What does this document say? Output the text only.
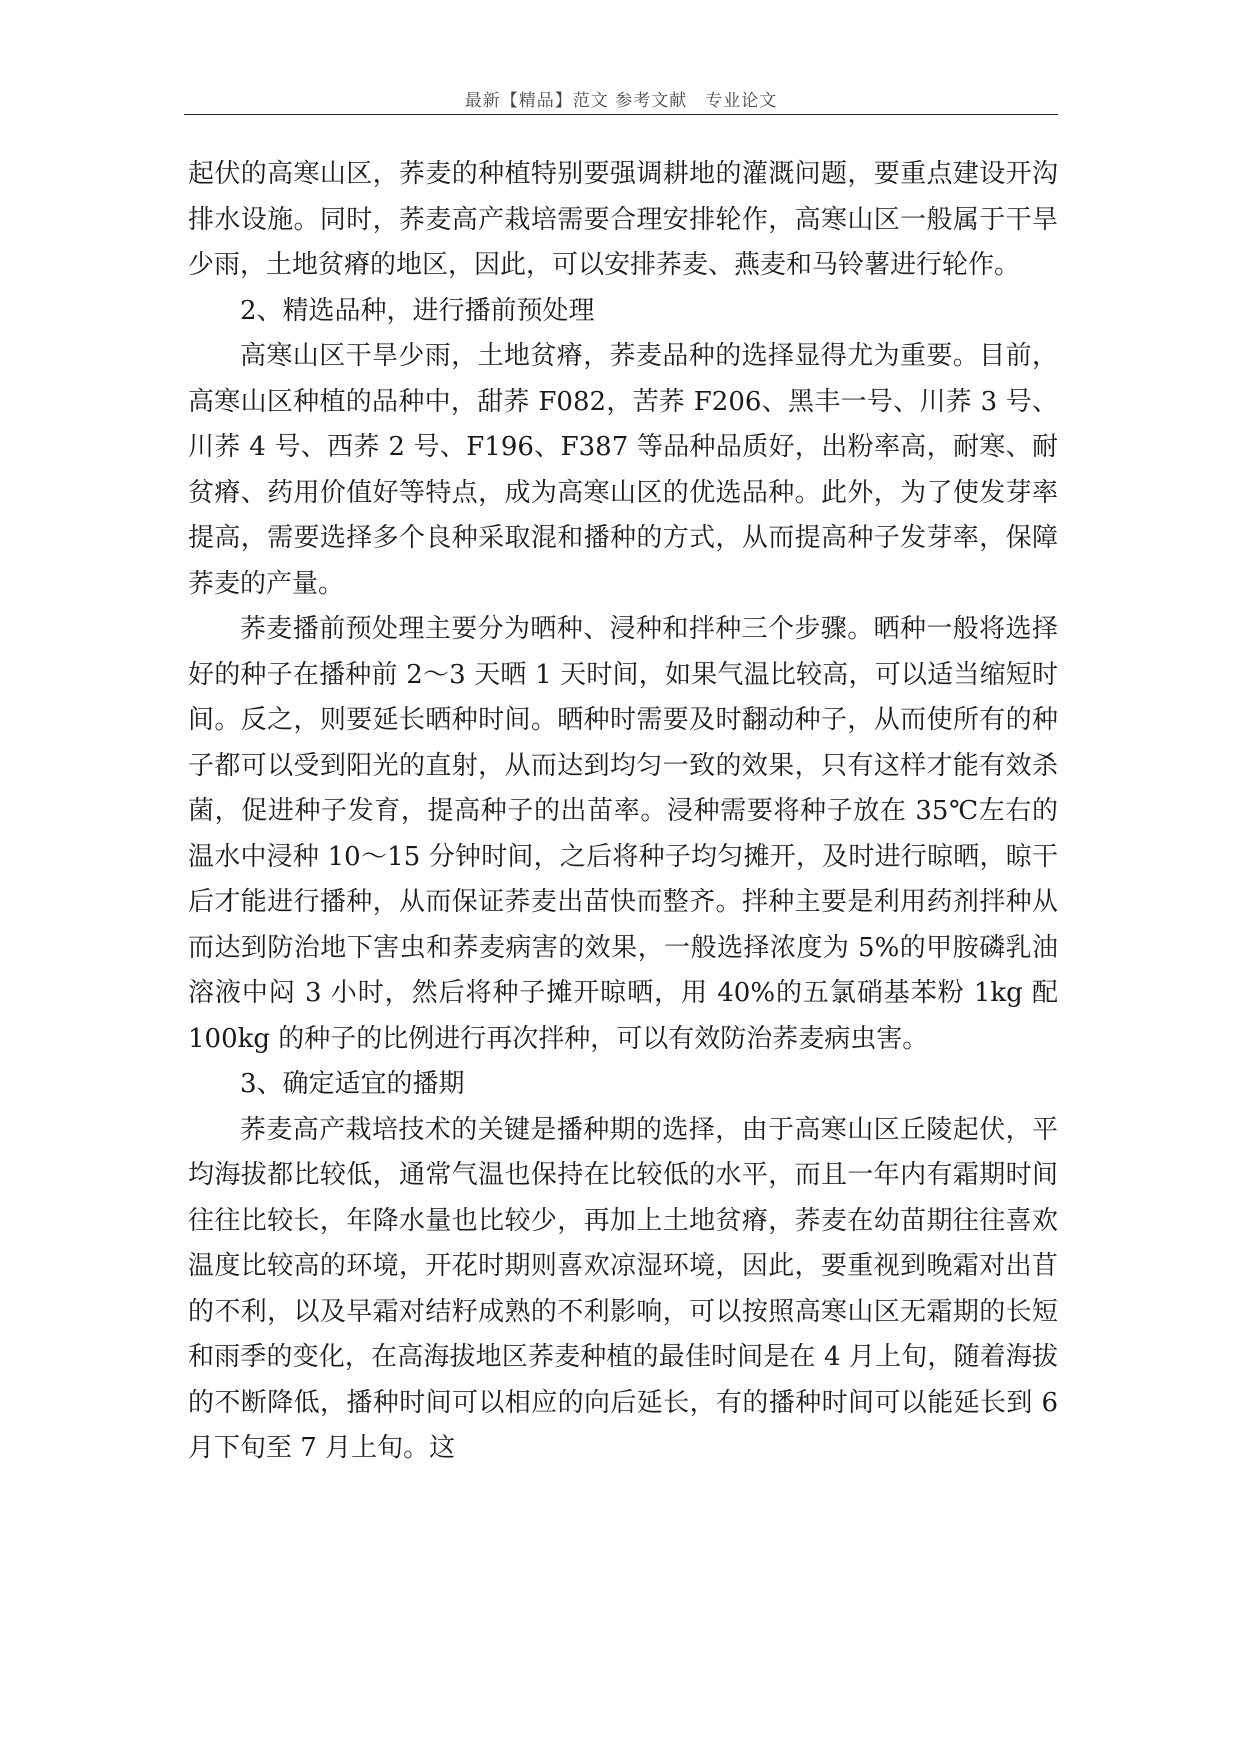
最新【精品】范文 参考文献　专业论文

起伏的高寒山区，荞麦的种植特别要强调耕地的灌溉问题，要重点建设开沟排水设施。同时，荞麦高产栽培需要合理安排轮作，高寒山区一般属于干旱少雨，土地贫瘠的地区，因此，可以安排荞麦、燕麦和马铃薯进行轮作。

2、精选品种，进行播前预处理

高寒山区干旱少雨，土地贫瘠，荞麦品种的选择显得尤为重要。目前，高寒山区种植的品种中，甜荞 F082，苦荞 F206、黑丰一号、川荞 3 号、川荞 4 号、西荞 2 号、F196、F387 等品种品质好，出粉率高，耐寒、耐贫瘠、药用价值好等特点，成为高寒山区的优选品种。此外，为了使发芽率提高，需要选择多个良种采取混和播种的方式，从而提高种子发芽率，保障荞麦的产量。

荞麦播前预处理主要分为晒种、浸种和拌种三个步骤。晒种一般将选择好的种子在播种前 2～3 天晒 1 天时间，如果气温比较高，可以适当缩短时间。反之，则要延长晒种时间。晒种时需要及时翻动种子，从而使所有的种子都可以受到阳光的直射，从而达到均匀一致的效果，只有这样才能有效杀菌，促进种子发育，提高种子的出苗率。浸种需要将种子放在 35℃左右的温水中浸种 10～15 分钟时间，之后将种子均匀摊开，及时进行晾晒，晾干后才能进行播种，从而保证荞麦出苗快而整齐。拌种主要是利用药剂拌种从而达到防治地下害虫和荞麦病害的效果，一般选择浓度为 5%的甲胺磷乳油溶液中闷 3 小时，然后将种子摊开晾晒，用 40%的五氯硝基苯粉 1kg 配 100kg 的种子的比例进行再次拌种，可以有效防治荞麦病虫害。

3、确定适宜的播期

荞麦高产栽培技术的关键是播种期的选择，由于高寒山区丘陵起伏，平均海拔都比较低，通常气温也保持在比较低的水平，而且一年内有霜期时间往往比较长，年降水量也比较少，再加上土地贫瘠，荞麦在幼苗期往往喜欢温度比较高的环境，开花时期则喜欢凉湿环境，因此，要重视到晚霜对出苜的不利，以及早霜对结籽成熟的不利影响，可以按照高寒山区无霜期的长短和雨季的变化，在高海拔地区荞麦种植的最佳时间是在 4 月上旬，随着海拔的不断降低，播种时间可以相应的向后延长，有的播种时间可以能延长到 6 月下旬至 7 月上旬。这
